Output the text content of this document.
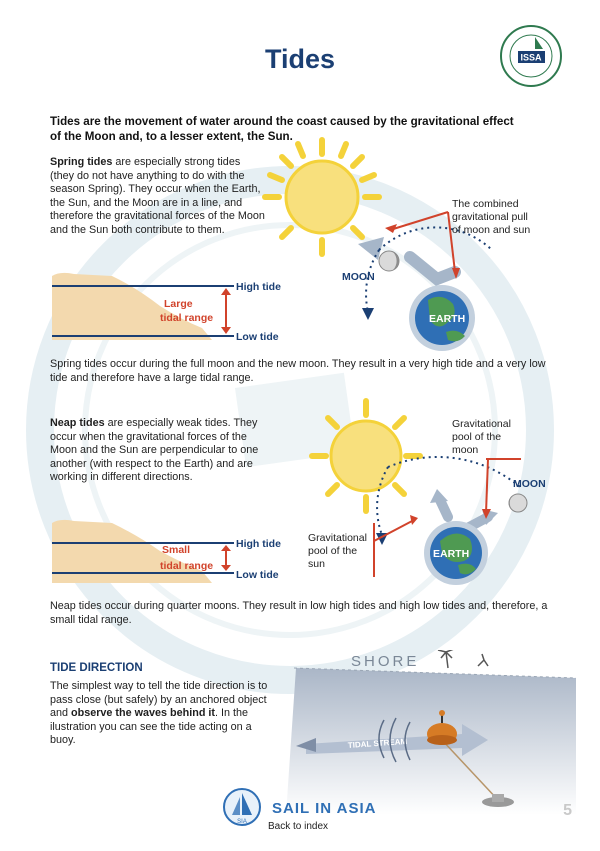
Tides	ISSA
Tides are the movement of water around the coast caused by the gravitational effect of the Moon and, to a lesser extent, the Sun.
Spring tides are especially strong tides (they do not have anything to do with the season Spring). They occur when the Earth, the Sun, and the Moon are in a line, and therefore the gravitational forces of the Moon and the Sun both contribute to them.
MOON
EARTH
The combined
gravitational pull
of moon and sun
Large
tidal range
High tide
Low tide
Spring tides occur during the full moon and the new moon. They result in a very high tide and a very low tide and therefore have a large tidal range.
Neap tides are especially weak tides. They occur when the gravitational forces of the Moon and the Sun are perpendicular to one another (with respect to the Earth) and are working in different directions.
EARTH
MOON
Gravitational
pool of the
moon
Gravitational
pool of the
sun
Small
tidal range
High tide
Low tide
Neap tides occur during quarter moons. They result in low high tides and high low tides and, therefore, a small tidal range.
TIDE DIRECTION
The simplest way to tell the tide direction is to pass close (but safely) by an anchored object and observe the waves behind it. In the ilustration you can see the tide acting on a buoy.
SHORE
TIDAL STREAM
SIA
SAIL IN ASIA
Back to index
5
